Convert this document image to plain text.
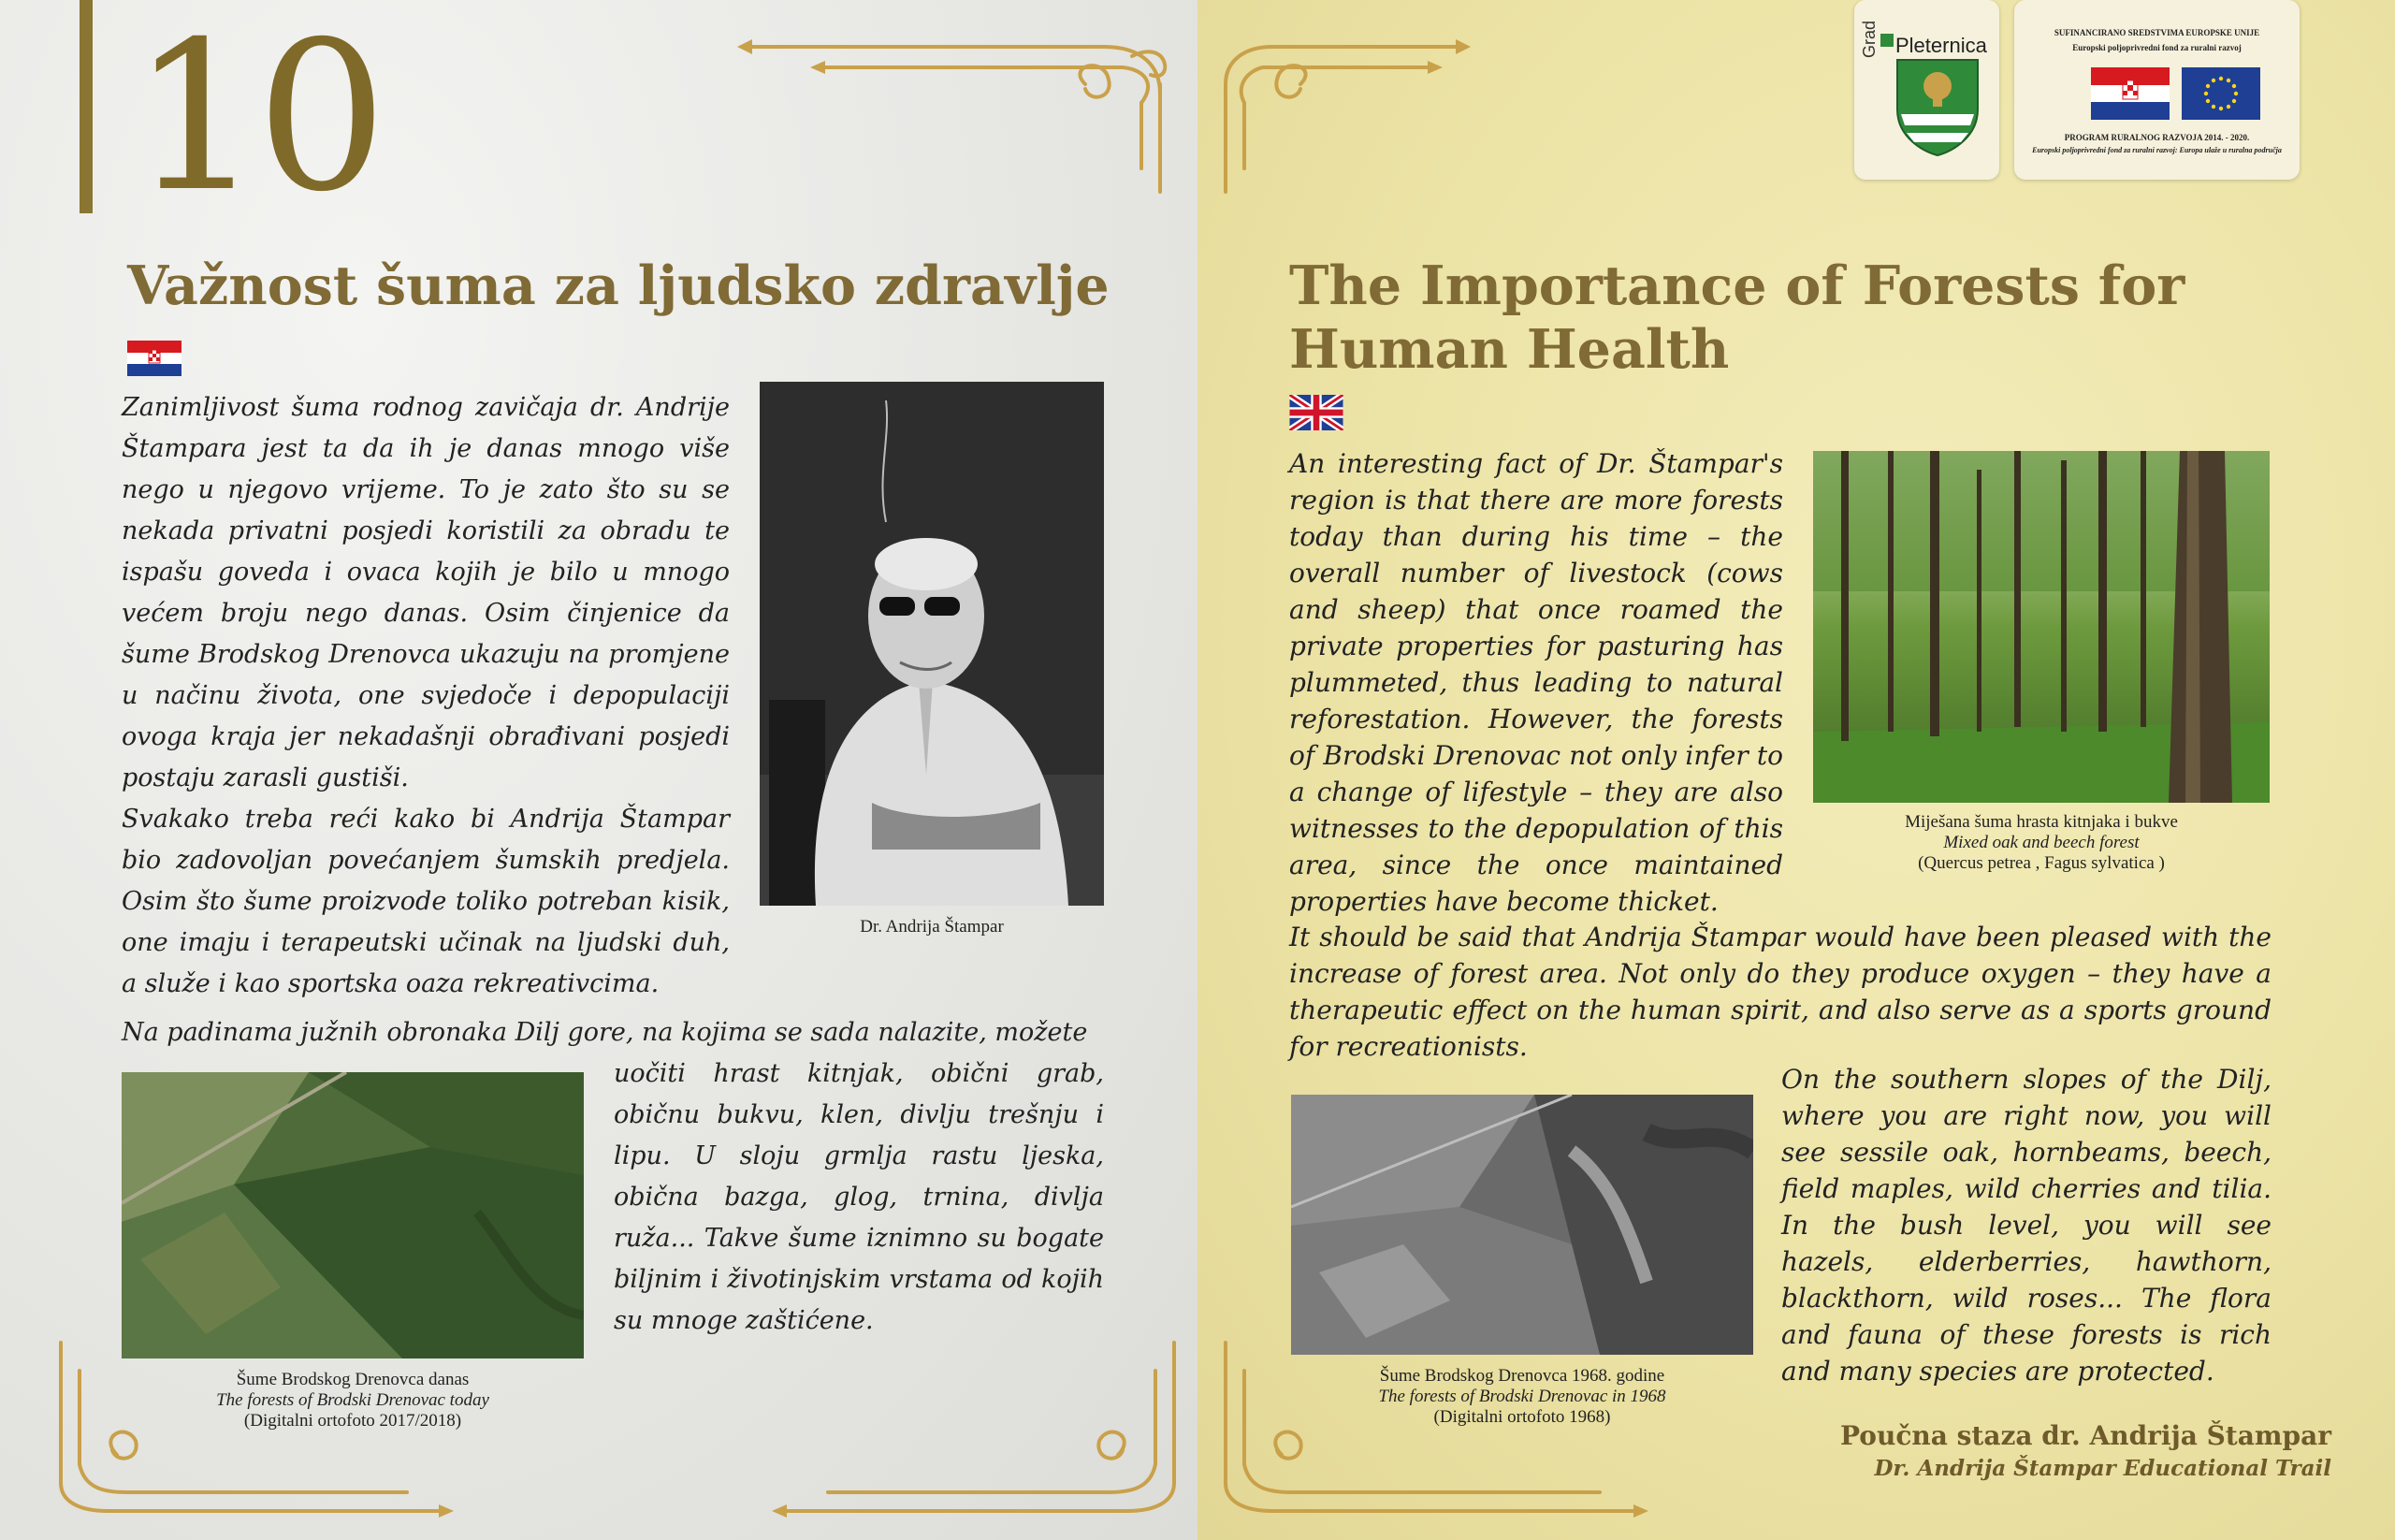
10
Važnost šuma za ljudsko zdravlje

Zanimljivost šuma rodnog zavičaja dr. Andrije Štampara jest ta da ih je danas mnogo više nego u njegovo vrijeme. To je zato što su se nekada privatni posjedi koristili za obradu te ispašu goveda i ovaca kojih je bilo u mnogo većem broju nego danas. Osim činjenice da šume Brodskog Drenovca ukazuju na promjene u načinu života, one svjedoče i depopulaciji ovoga kraja jer nekadašnji obrađivani posjedi postaju zarasli gustiši.

Svakako treba reći kako bi Andrija Štampar bio zadovoljan povećanjem šumskih predjela. Osim što šume proizvode toliko potreban kisik, one imaju i terapeutski učinak na ljudski duh, a služe i kao sportska oaza rekreativcima.

Na padinama južnih obronaka Dilj gore, na kojima se sada nalazite, možete
uočiti hrast kitnjak, obični grab, običnu bukvu, klen, divlju trešnju i lipu. U sloju grmlja rastu ljeska, obična bazga, glog, trnina, divlja ruža... Takve šume iznimno su bogate biljnim i životinjskim vrstama od kojih su mnoge zaštićene.
Dr. Andrija Štampar
Šume Brodskog Drenovca danas
The forests of Brodski Drenovac today
(Digitalni ortofoto 2017/2018)
Grad Pleternica
SUFINANCIRANO SREDSTVIMA EUROPSKE UNIJE
Europski poljoprivredni fond za ruralni razvoj
PROGRAM RURALNOG RAZVOJA 2014. - 2020.
Europski poljoprivredni fond za ruralni razvoj: Europa ulaže u ruralna područja
The Importance of Forests for
Human Health
An interesting fact of Dr. Štampar's region is that there are more forests today than during his time – the overall number of livestock (cows and sheep) that once roamed the private properties for pasturing has plummeted, thus leading to natural reforestation. However, the forests of Brodski Drenovac not only infer to a change of lifestyle – they are also witnesses to the depopulation of this area, since the once maintained properties have become thicket.
It should be said that Andrija Štampar would have been pleased with the increase of forest area. Not only do they produce oxygen – they have a therapeutic effect on the human spirit, and also serve as a sports ground for recreationists.
On the southern slopes of the Dilj, where you are right now, you will see sessile oak, hornbeams, beech, field maples, wild cherries and tilia. In the bush level, you will see hazels, elderberries, hawthorn, blackthorn, wild roses... The flora and fauna of these forests is rich and many species are protected.
Miješana šuma hrasta kitnjaka i bukve
Mixed oak and beech forest
(Quercus petrea , Fagus sylvatica )
Šume Brodskog Drenovca 1968. godine
The forests of Brodski Drenovac in 1968
(Digitalni ortofoto 1968)
Poučna staza dr. Andrija Štampar
Dr. Andrija Štampar Educational Trail
